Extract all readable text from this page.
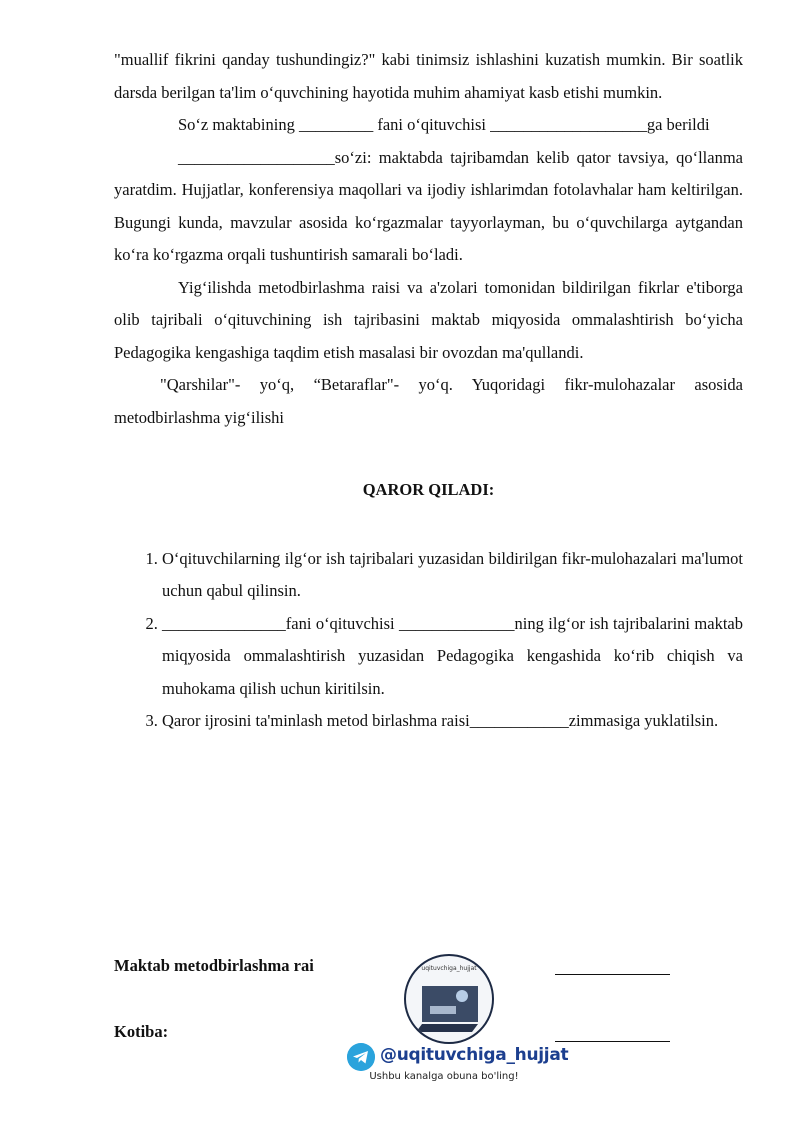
"muallif fikrini qanday tushundingiz?" kabi tinimsiz ishlashini kuzatish mumkin. Bir soatlik darsda berilgan ta'lim o‘quvchining hayotida muhim ahamiyat kasb etishi mumkin.

So‘z maktabining _________ fani o‘qituvchisi ___________________ga berildi

___________________so‘zi: maktabda tajribamdan kelib qator tavsiya, qo‘llanma yaratdim. Hujjatlar, konferensiya maqollari va ijodiy ishlarimdan fotolavhalar ham keltirilgan. Bugungi kunda, mavzular asosida ko‘rgazmalar tayyorlayman, bu o‘quvchilarga aytgandan ko‘ra ko‘rgazma orqali tushuntirish samarali bo‘ladi.

Yig‘ilishda metodbirlashma raisi va a'zolari tomonidan bildirilgan fikrlar e'tiborga olib tajribali o‘qituvchining ish tajribasini maktab miqyosida ommalashtirish bo‘yicha Pedagogika kengashiga taqdim etish masalasi bir ovozdan ma'qullandi.

"Qarshilar"- yo‘q, “Betaraflar"- yo‘q. Yuqoridagi fikr-mulohazalar asosida metodbirlashma yig‘ilishi

QAROR QILADI:

1. O‘qituvchilarning ilg‘or ish tajribalari yuzasidan bildirilgan fikr-mulohazalari ma'lumot uchun qabul qilinsin.
2. _______________fani o‘qituvchisi ______________ning ilg‘or ish tajribalarini maktab miqyosida ommalashtirish yuzasidan Pedagogika kengashida ko‘rib chiqish va muhokama qilish uchun kiritilsin.
3. Qaror ijrosini ta'minlash metod birlashma raisi____________zimmasiga yuklatilsin.
Maktab metodbirlashma rai
Kotiba:
uqituvchiga_hujjat
@uqituvchiga_hujjat
Ushbu kanalga obuna bo'ling!
